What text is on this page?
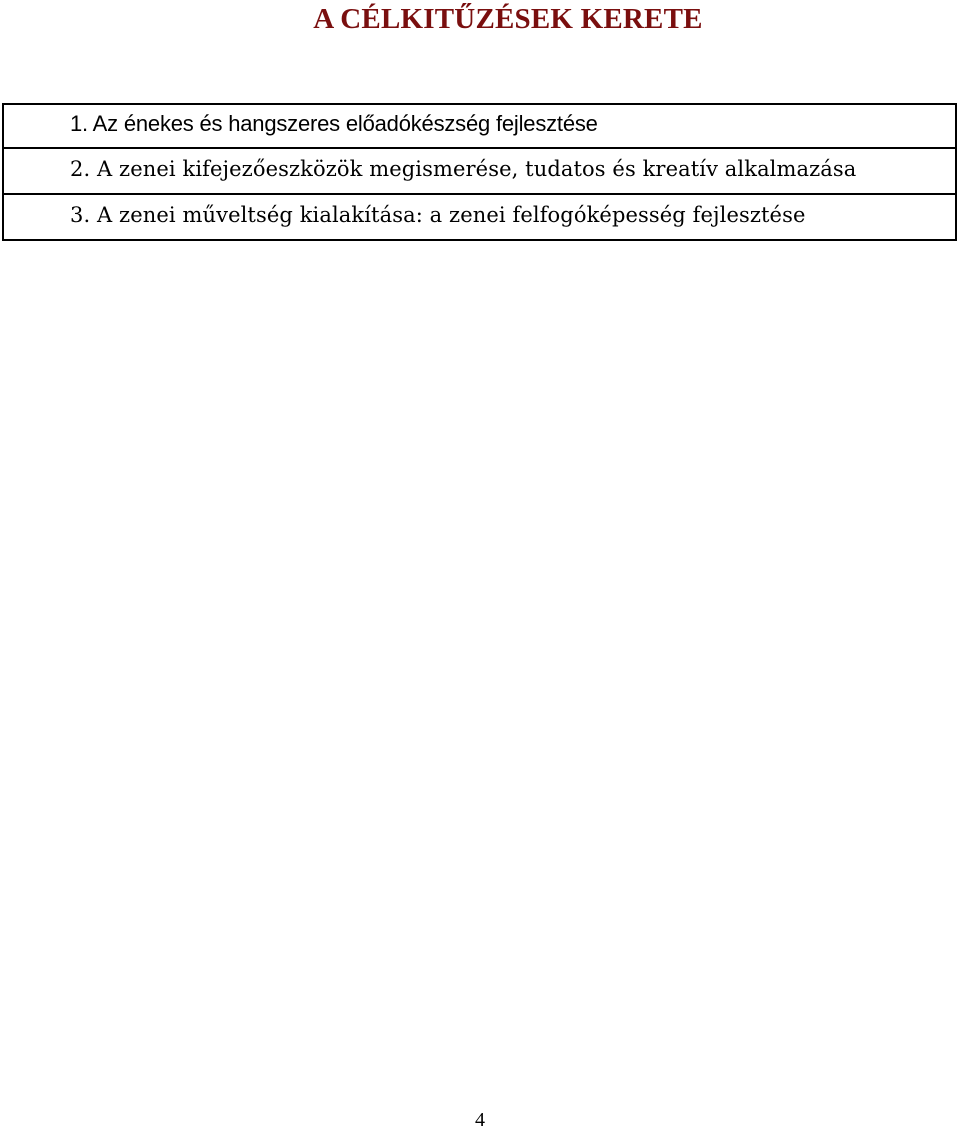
A CÉLKITŰZÉSEK KERETE
1. Az énekes és hangszeres előadókészség fejlesztése
2. A zenei kifejezőeszközök megismerése, tudatos és kreatív alkalmazása
3. A zenei műveltség kialakítása: a zenei felfogóképesség fejlesztése
4
